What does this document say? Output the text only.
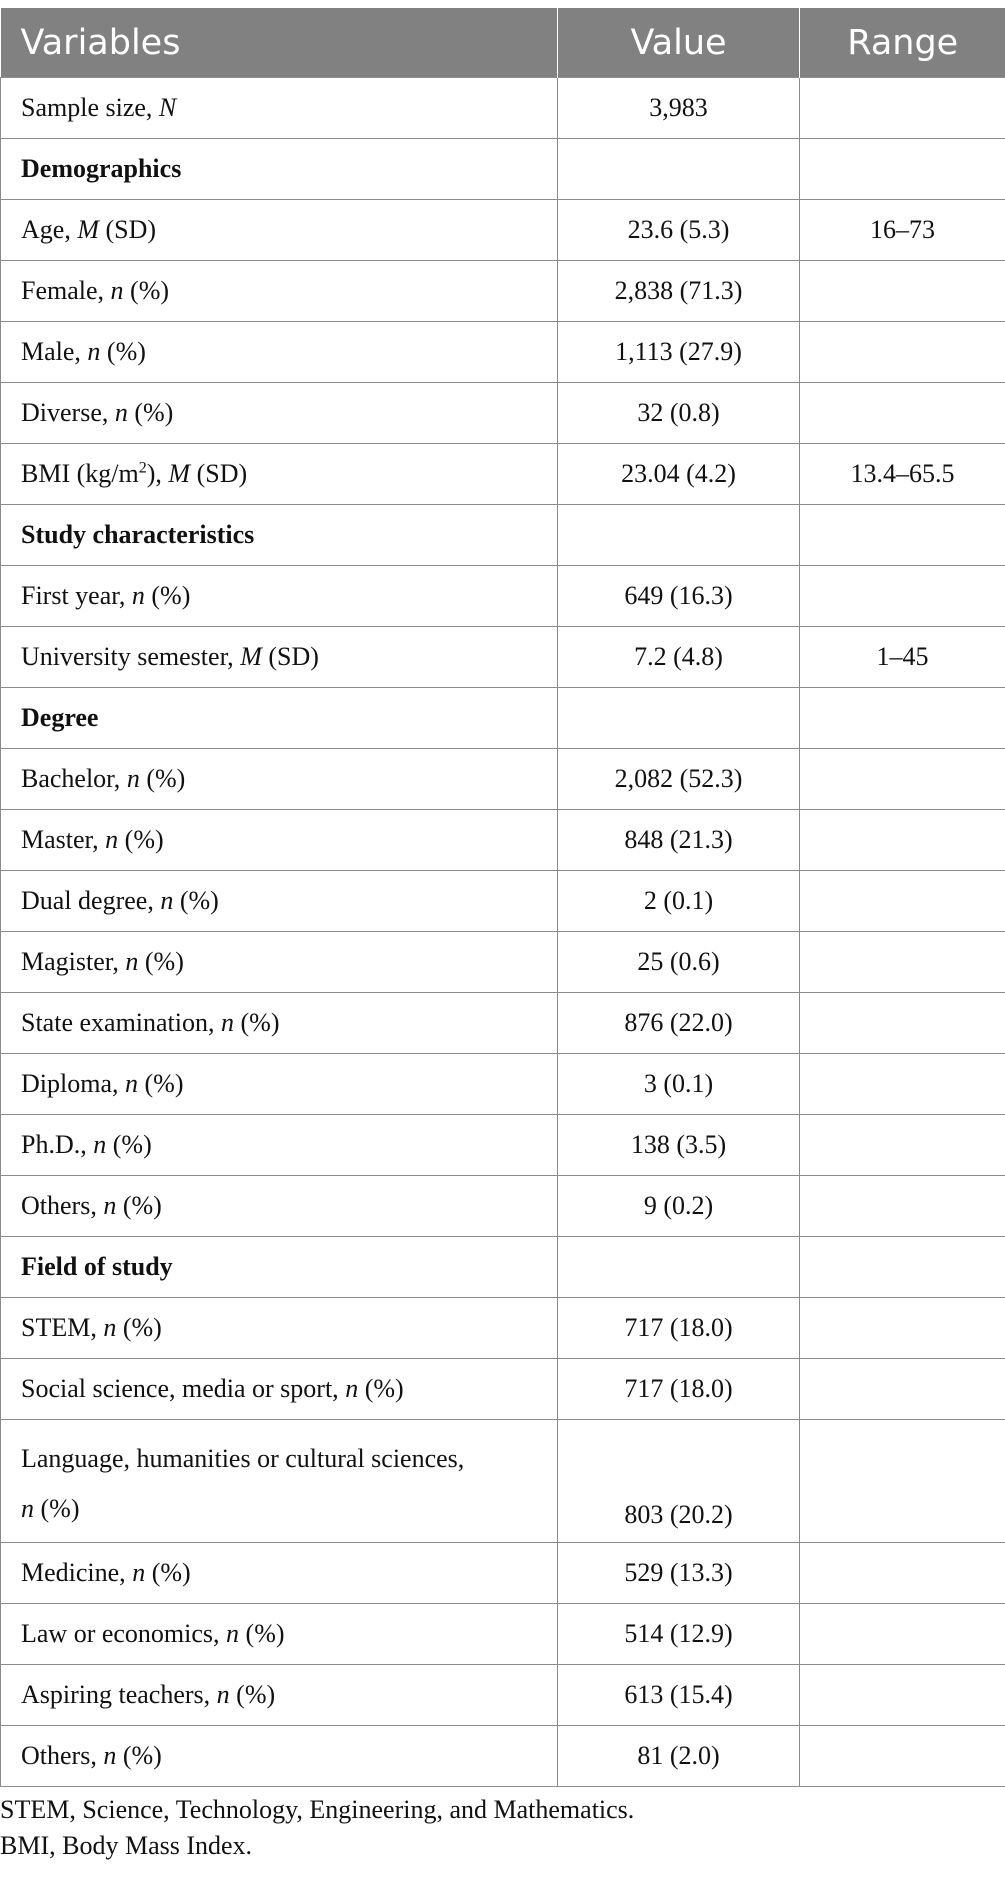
Variables	Value	Range
Sample size, N	3,983	
Demographics		
Age, M (SD)	23.6 (5.3)	16–73
Female, n (%)	2,838 (71.3)	
Male, n (%)	1,113 (27.9)	
Diverse, n (%)	32 (0.8)	
BMI $(kg/m^2)$, M (SD)	23.04 (4.2)	13.4–65.5
Study characteristics		
First year, n (%)	649 (16.3)	
University semester, M (SD)	7.2 (4.8)	1–45
Degree		
Bachelor, n (%)	2,082 (52.3)	
Master, n (%)	848 (21.3)	
Dual degree, n (%)	2 (0.1)	
Magister, n (%)	25 (0.6)	
State examination, n (%)	876 (22.0)	
Diploma, n (%)	3 (0.1)	
Ph.D., n (%)	138 (3.5)	
Others, n (%)	9 (0.2)	
Field of study		
STEM, n (%)	717 (18.0)	
Social science, media or sport, n (%)	717 (18.0)	
Language, humanities or cultural sciences,
n (%)	803 (20.2)	
Medicine, n (%)	529 (13.3)	
Law or economics, n (%)	514 (12.9)	
Aspiring teachers, n (%)	613 (15.4)	
Others, n (%)	81 (2.0)	
STEM, Science, Technology, Engineering, and Mathematics.
BMI, Body Mass Index.
